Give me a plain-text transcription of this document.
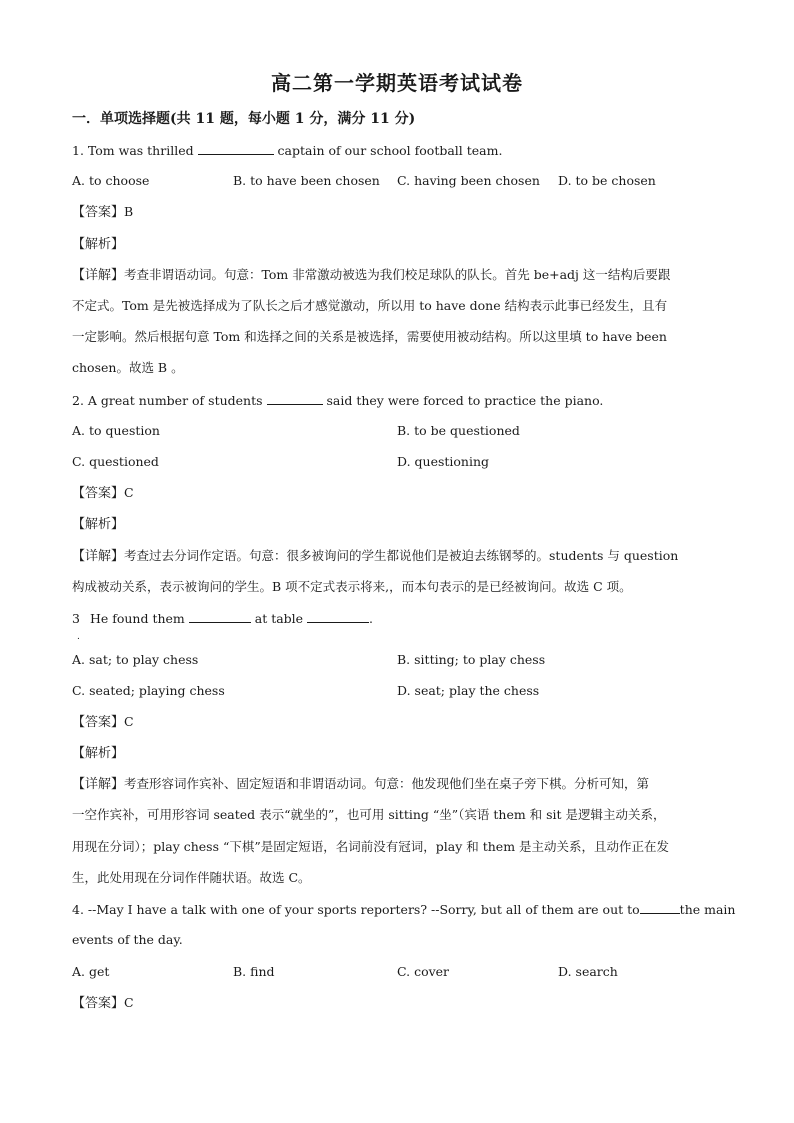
高二第一学期英语考试试卷
一．单项选择题(共 11 题，每小题 1 分，满分 11 分)
1. Tom was thrilled	captain of our school football team.
A. to choose	B. to have been chosen C. having been chosen D. to be chosen
【答案】B
【解析】
【详解】考查非谓语动词。句意：Tom 非常激动被选为我们校足球队的队长。首先 be+adj 这一结构后要跟
不定式。Tom 是先被选择成为了队长之后才感觉激动，所以用 to have done 结构表示此事已经发生，且有
一定影响。然后根据句意 Tom 和选择之间的关系是被选择，需要使用被动结构。所以这里填 to have been
chosen。故选 B 。
2. A great number of students	said they were forced to practice the piano.
A. to question	B. to be questioned
C. questioned	D. questioning
【答案】C
【解析】
【详解】考查过去分词作定语。句意：很多被询问的学生都说他们是被迫去练钢琴的。students 与 question
构成被动关系，表示被询问的学生。B 项不定式表示将来,，而本句表示的是已经被询问。故选 C 项。
3 He found them	at table	.
.
A. sat; to play chess	B. sitting; to play chess
C. seated; playing chess	D. seat; play the chess
【答案】C
【解析】
【详解】考查形容词作宾补、固定短语和非谓语动词。句意：他发现他们坐在桌子旁下棋。分析可知，第
一空作宾补，可用形容词 seated 表示“就坐的”，也可用 sitting “坐”（宾语 them 和 sit 是逻辑主动关系，
用现在分词）；play chess “下棋”是固定短语，名词前没有冠词，play 和 them 是主动关系，且动作正在发
生，此处用现在分词作伴随状语。故选 C。
4. --May I have a talk with one of your sports reporters? --Sorry, but all of them are out to	the main
events of the day.
A. get	B. find	C. cover	D. search
【答案】C
